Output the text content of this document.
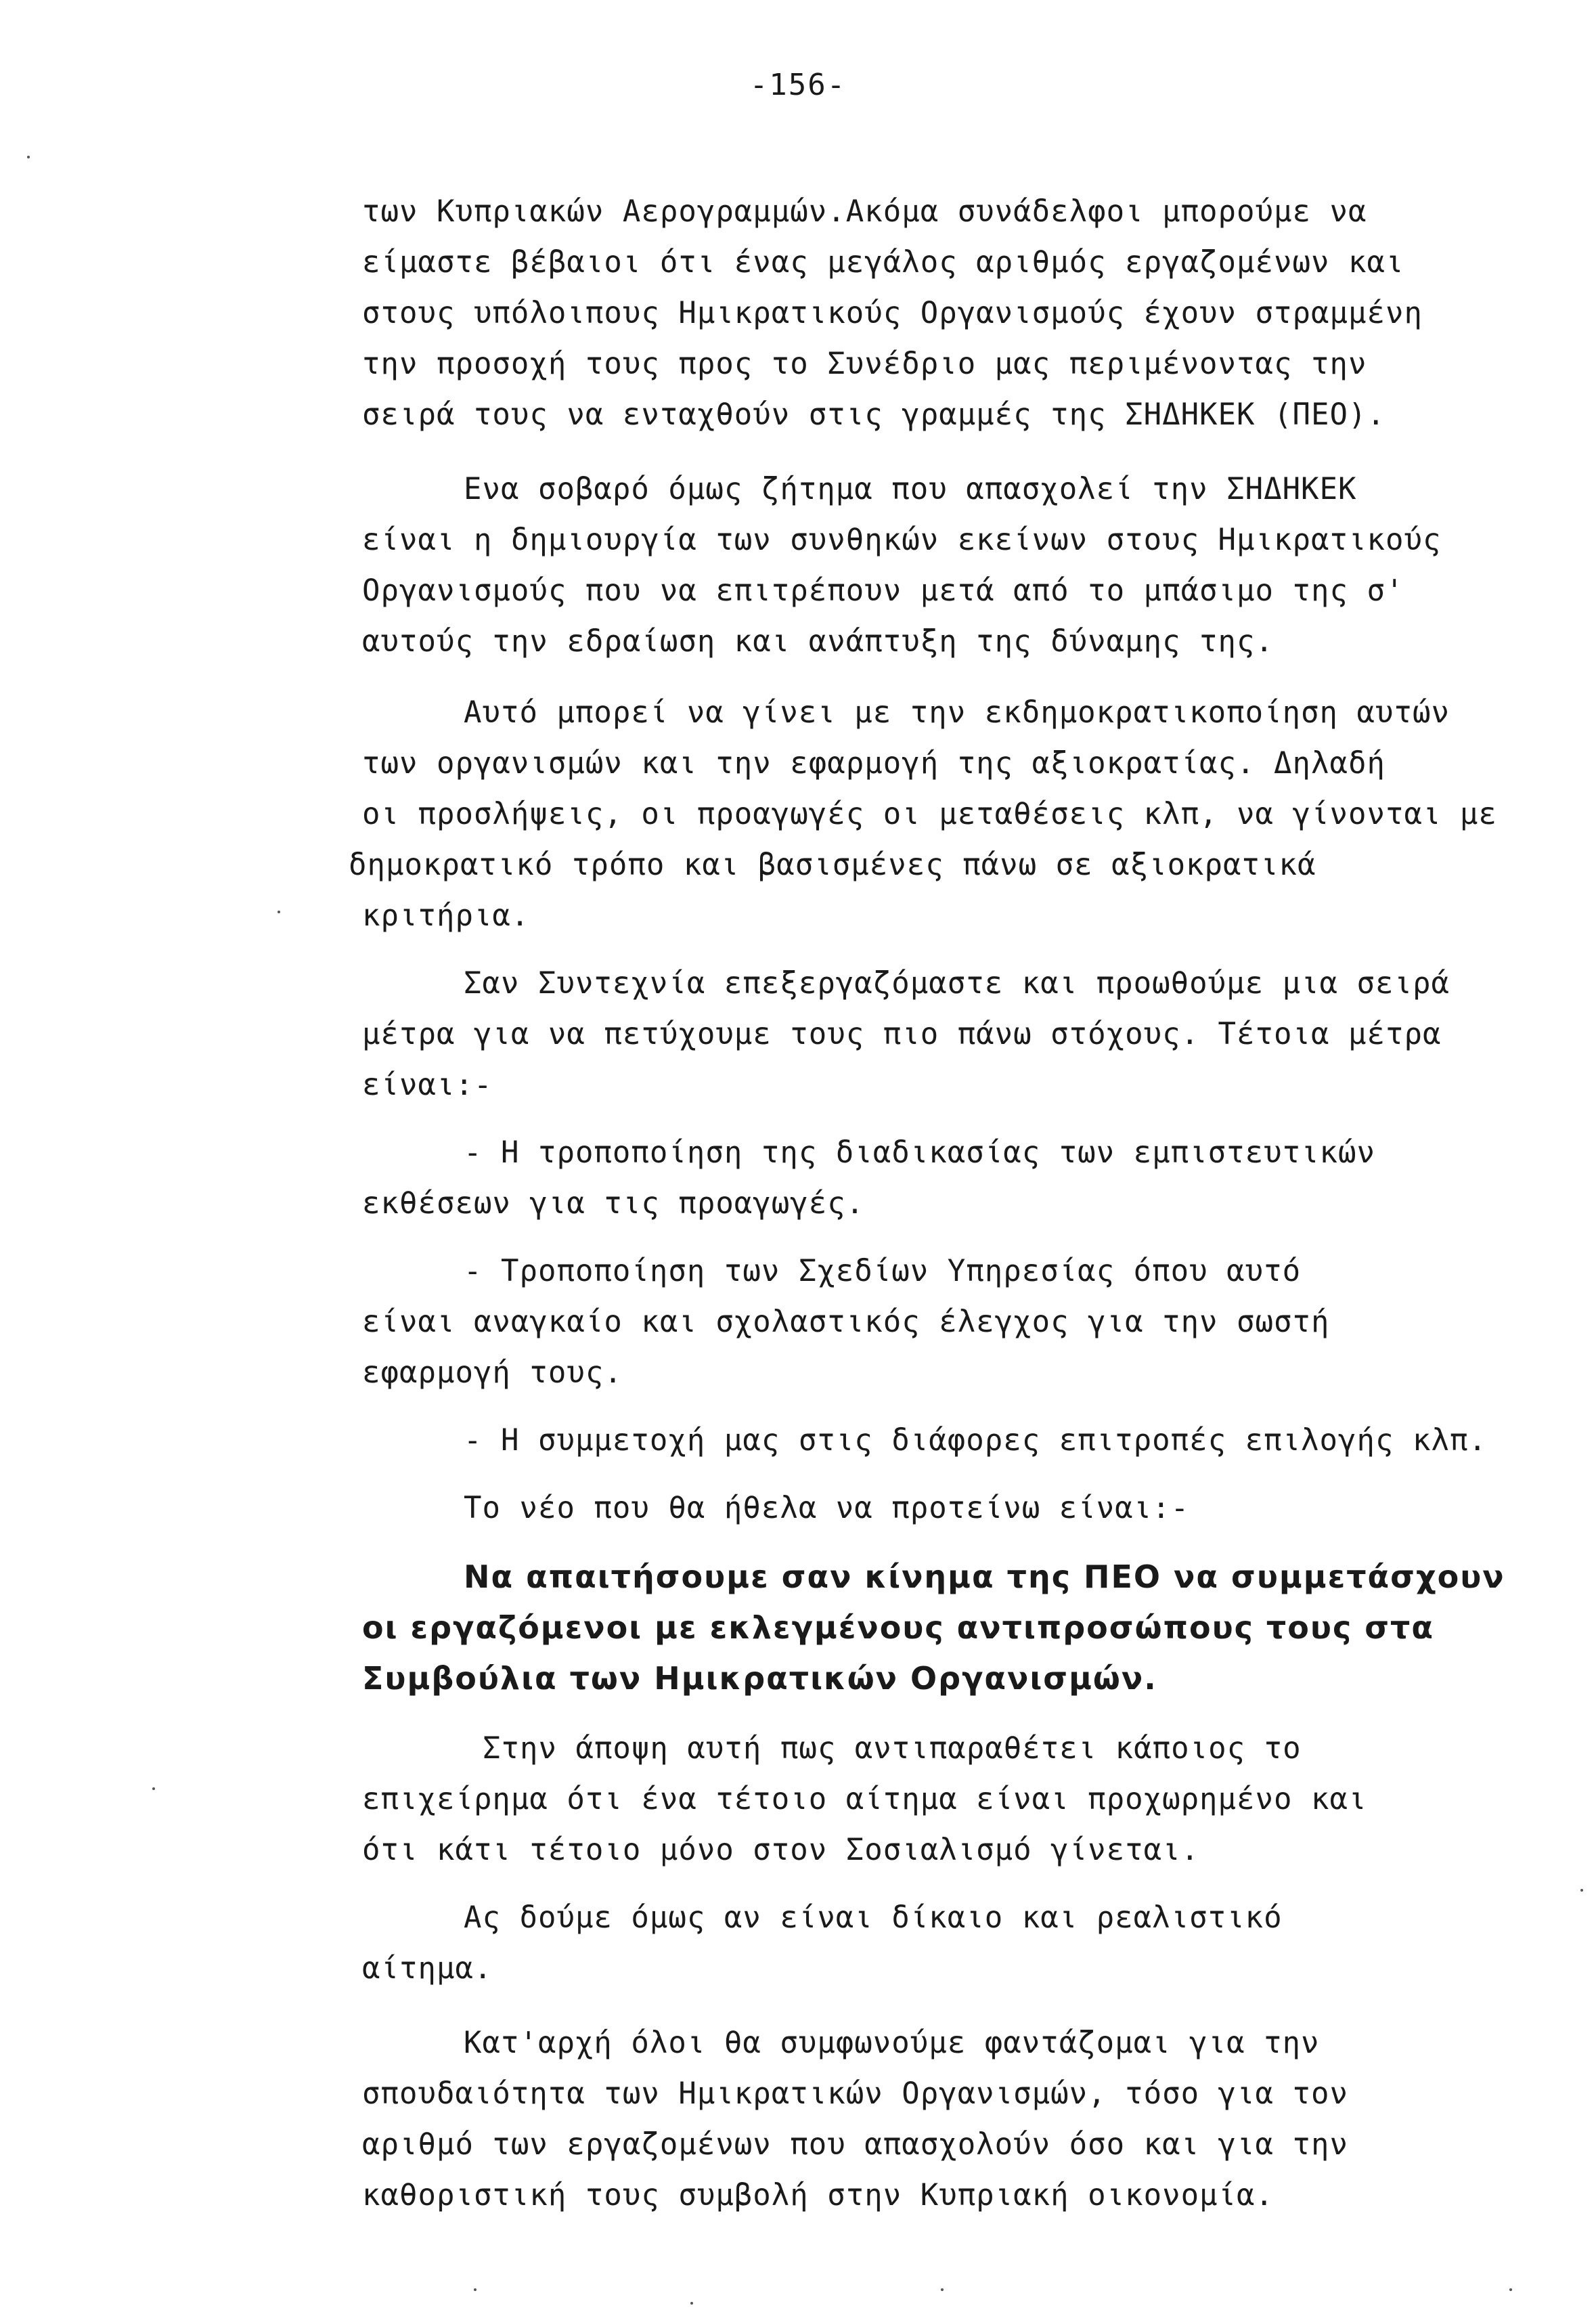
-156-
των Κυπριακών Αερογραμμών.Ακόμα συνάδελφοι μπορούμε να
είμαστε βέβαιοι ότι ένας μεγάλος αριθμός εργαζομένων και
στους υπόλοιπους Ημικρατικούς Οργανισμούς έχουν στραμμένη
την προσοχή τους προς το Συνέδριο μας περιμένοντας την
σειρά τους να ενταχθούν στις γραμμές της ΣΗΔΗΚΕΚ (ΠΕΟ).
Ενα σοβαρό όμως ζήτημα που απασχολεί την ΣΗΔΗΚΕΚ
είναι η δημιουργία των συνθηκών εκείνων στους Ημικρατικούς
Οργανισμούς που να επιτρέπουν μετά από το μπάσιμο της σ'
αυτούς την εδραίωση και ανάπτυξη της δύναμης της.
Αυτό μπορεί να γίνει με την εκδημοκρατικοποίηση αυτών
των οργανισμών και την εφαρμογή της αξιοκρατίας. Δηλαδή
οι προσλήψεις, οι προαγωγές οι μεταθέσεις κλπ, να γίνονται με
δημοκρατικό τρόπο και βασισμένες πάνω σε αξιοκρατικά
κριτήρια.
Σαν Συντεχνία επεξεργαζόμαστε και προωθούμε μια σειρά
μέτρα για να πετύχουμε τους πιο πάνω στόχους. Τέτοια μέτρα
είναι:-
- Η τροποποίηση της διαδικασίας των εμπιστευτικών
εκθέσεων για τις προαγωγές.
- Τροποποίηση των Σχεδίων Υπηρεσίας όπου αυτό
είναι αναγκαίο και σχολαστικός έλεγχος για την σωστή
εφαρμογή τους.
- Η συμμετοχή μας στις διάφορες επιτροπές επιλογής κλπ.
Το νέο που θα ήθελα να προτείνω είναι:-
Να απαιτήσουμε σαν κίνημα της ΠΕΟ να συμμετάσχουν
οι εργαζόμενοι με εκλεγμένους αντιπροσώπους τους στα
Συμβούλια των Ημικρατικών Οργανισμών.
Στην άποψη αυτή πως αντιπαραθέτει κάποιος το
επιχείρημα ότι ένα τέτοιο αίτημα είναι προχωρημένο και
ότι κάτι τέτοιο μόνο στον Σοσιαλισμό γίνεται.
Ας δούμε όμως αν είναι δίκαιο και ρεαλιστικό
αίτημα.
Κατ'αρχή όλοι θα συμφωνούμε φαντάζομαι για την
σπουδαιότητα των Ημικρατικών Οργανισμών, τόσο για τον
αριθμό των εργαζομένων που απασχολούν όσο και για την
καθοριστική τους συμβολή στην Κυπριακή οικονομία.
